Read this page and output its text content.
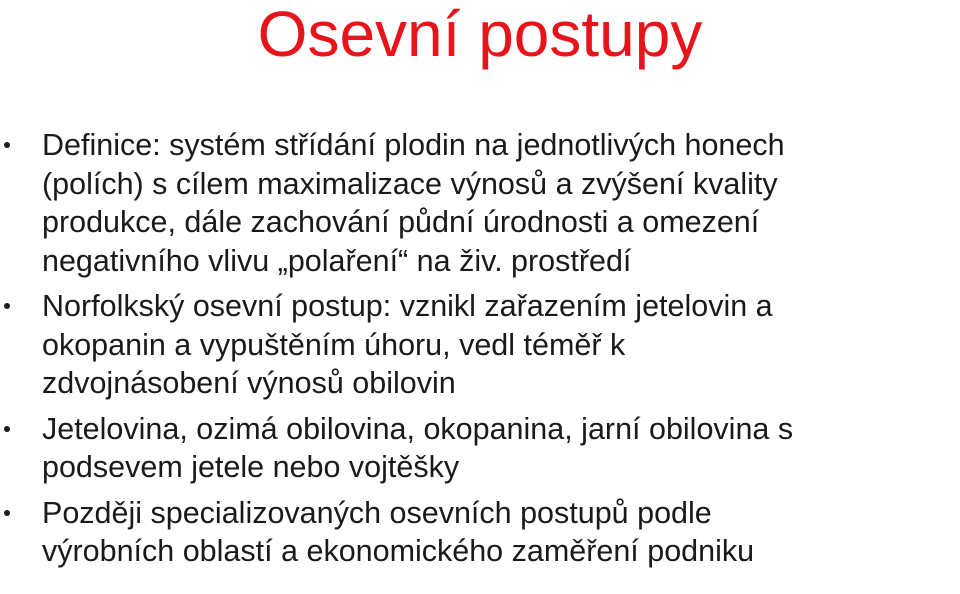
Osevní postupy
Definice: systém střídání plodin na jednotlivých honech
(polích) s cílem maximalizace výnosů a zvýšení kvality
produkce, dále zachování půdní úrodnosti a omezení
negativního vlivu „polaření“ na živ. prostředí
Norfolkský osevní postup: vznikl zařazením jetelovin a
okopanin a vypuštěním úhoru, vedl téměř k
zdvojnásobení výnosů obilovin
Jetelovina, ozimá obilovina, okopanina, jarní obilovina s
podsevem jetele nebo vojtěšky
Později specializovaných osevních postupů podle
výrobních oblastí a ekonomického zaměření podniku
